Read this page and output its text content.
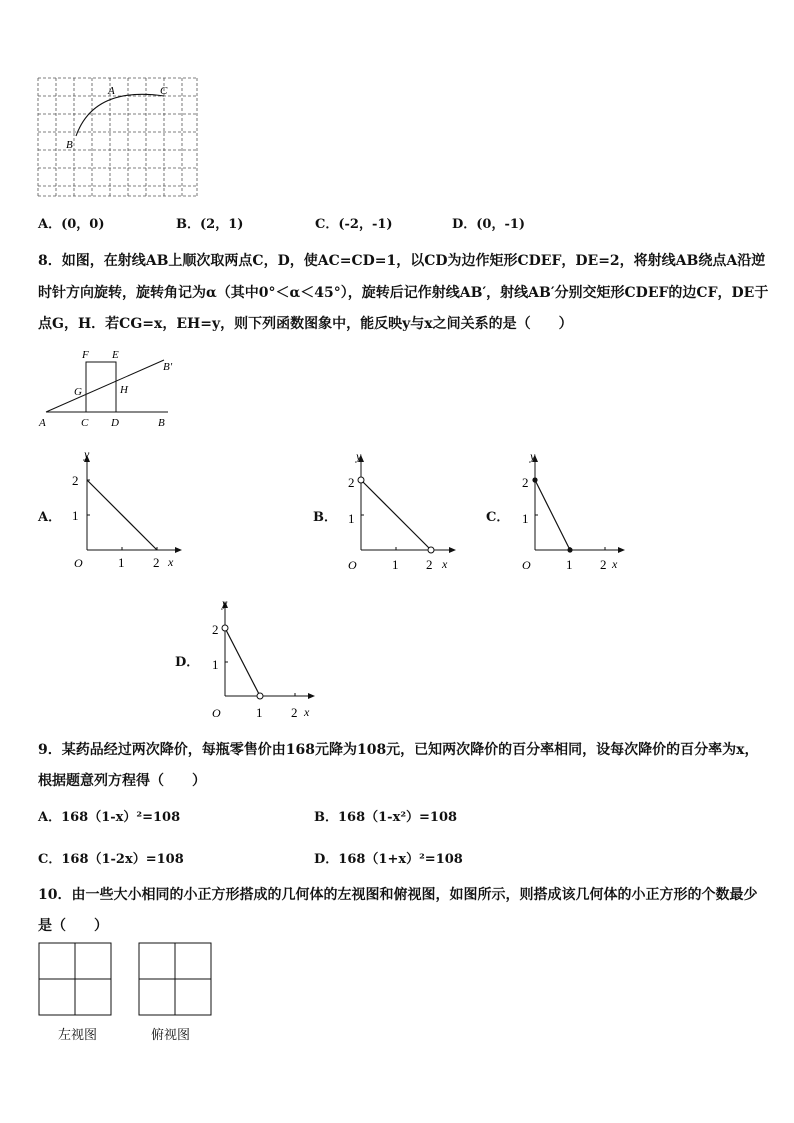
A	C
B
A．(0，0)	B．(2，1)	C．(-2，-1)	D．(0，-1)
8．如图，在射线AB上顺次取两点C，D，使AC=CD=1，以CD为边作矩形CDEF，DE=2，将射线AB绕点A沿逆
时针方向旋转，旋转角记为α（其中0°＜α＜45°），旋转后记作射线AB′，射线AB′分别交矩形CDEF的边CF，DE于
点G，H．若CG=x，EH=y，则下列函数图象中，能反映y与x之间关系的是（　　）
F E
B′
G	H
A	C D	B
A．
y
x
O	1 2
1
2
B．
y
x
O	1 2
1
2
C．
y
x
O	1 2
1
2
D．
y
x
O	1 2
1
2
9．某药品经过两次降价，每瓶零售价由168元降为108元，已知两次降价的百分率相同，设每次降价的百分率为x，
根据题意列方程得（　　）
A．168（1-x）²=108	B．168（1-x²）=108
C．168（1-2x）=108	D．168（1+x）²=108
10．由一些大小相同的小正方形搭成的几何体的左视图和俯视图，如图所示，则搭成该几何体的小正方形的个数最少
是（　　）
左视图	俯视图
